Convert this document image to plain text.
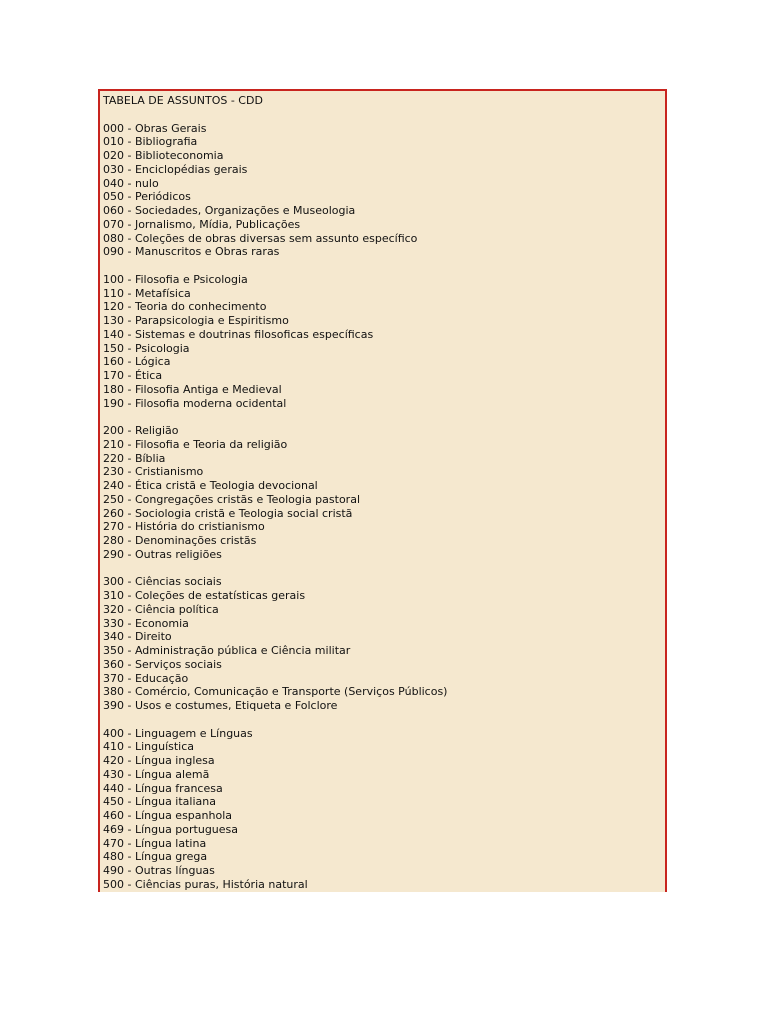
TABELA DE ASSUNTOS - CDD
000 - Obras Gerais
010 - Bibliografia
020 - Biblioteconomia
030 - Enciclopédias gerais
040 - nulo
050 - Periódicos
060 - Sociedades, Organizações e Museologia
070 - Jornalismo, Mídia, Publicações
080 - Coleções de obras diversas sem assunto específico
090 - Manuscritos e Obras raras
100 - Filosofia e Psicologia
110 - Metafísica
120 - Teoria do conhecimento
130 - Parapsicologia e Espiritismo
140 - Sistemas e doutrinas filosoficas específicas
150 - Psicologia
160 - Lógica
170 - Ética
180 - Filosofia Antiga e Medieval
190 - Filosofia moderna ocidental
200 - Religião
210 - Filosofia e Teoria da religião
220 - Bíblia
230 - Cristianismo
240 - Ética cristã e Teologia devocional
250 - Congregações cristãs e Teologia pastoral
260 - Sociologia cristã e Teologia social cristã
270 - História do cristianismo
280 - Denominações cristãs
290 - Outras religiões
300 - Ciências sociais
310 - Coleções de estatísticas gerais
320 - Ciência política
330 - Economia
340 - Direito
350 - Administração pública e Ciência militar
360 - Serviços sociais
370 - Educação
380 - Comércio, Comunicação e Transporte (Serviços Públicos)
390 - Usos e costumes, Etiqueta e Folclore
400 - Linguagem e Línguas
410 - Linguística
420 - Língua inglesa
430 - Língua alemã
440 - Língua francesa
450 - Língua italiana
460 - Língua espanhola
469 - Língua portuguesa
470 - Língua latina
480 - Língua grega
490 - Outras línguas
500 - Ciências puras, História natural
